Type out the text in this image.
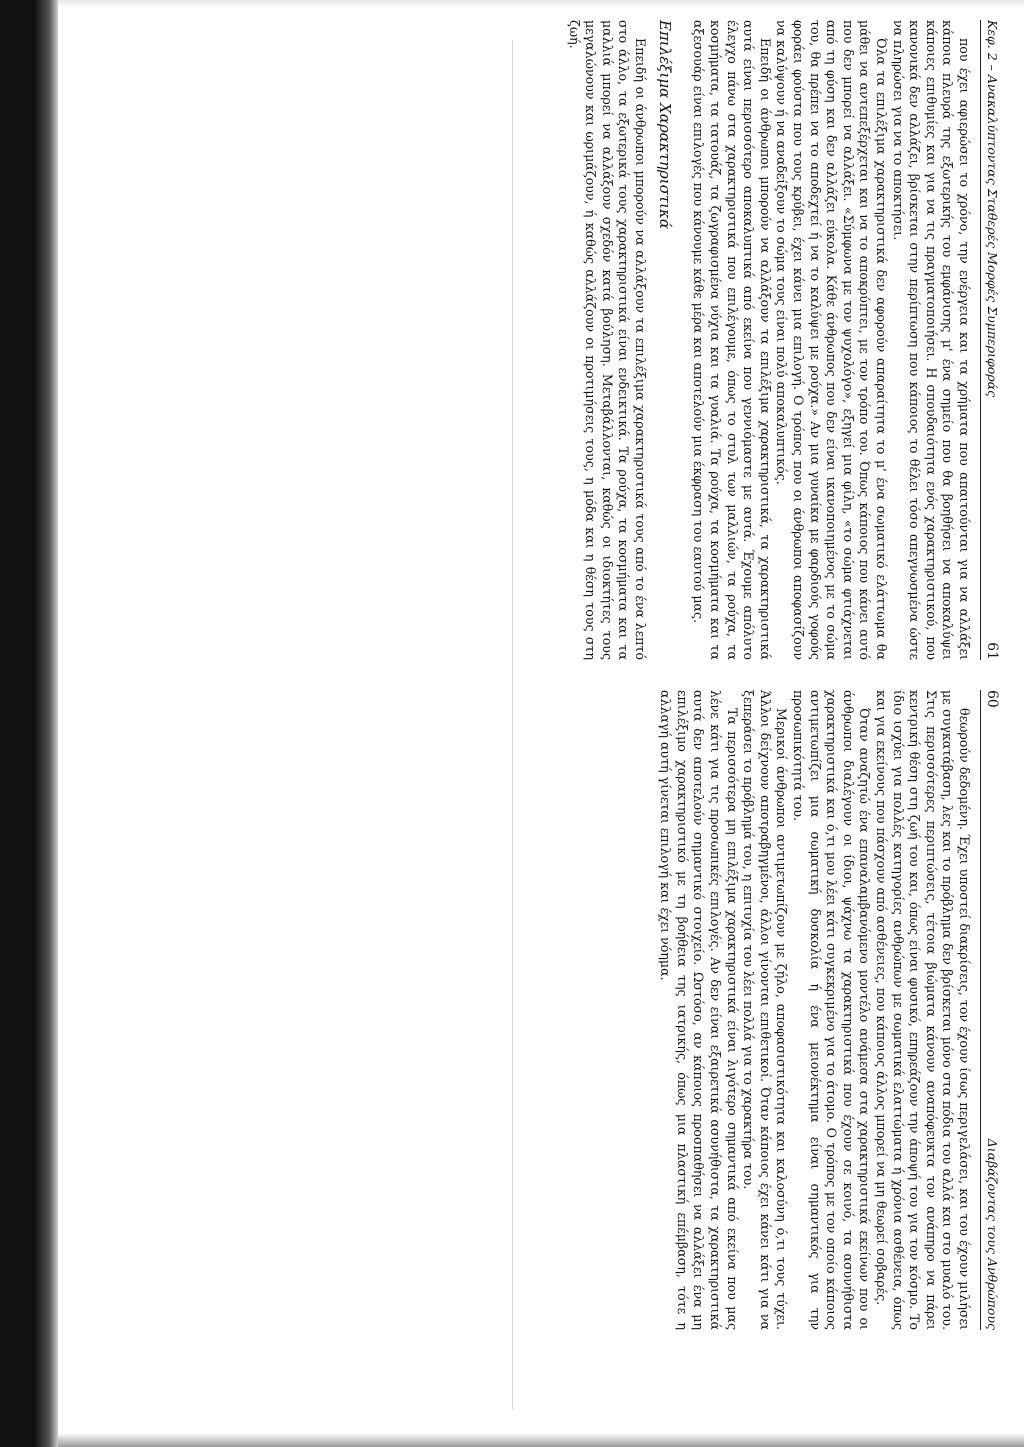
Κεφ. 2 – Ανακαλύπτοντας Σταθερές Μορφές Συμπεριφοράς
61

που έχει αφιερώσει το χρόνο, την ενέργεια και τα χρήματα που απαιτούνται για να αλλάξει κάποια πλευρά της εξωτερικής του εμφάνισης μ' ένα σημείο που θα βοηθήσει να αποκαλύψει κάποιες επιθυμίες και για να τις πραγματοποιήσει. Η σπουδαιότητα ενός χαρακτηριστικού, που κανονικά δεν αλλάζει, βρίσκεται στην περίπτωση που κάποιος το θέλει τόσο απεγνωσμένα ώστε να πληρώσει για να το αποκτήσει.

Όλα τα επιλέξιμα χαρακτηριστικά δεν αφορούν απαραίτητα το μ' ένα σωματικό ελάττωμα θα μάθει να αντεπεξέρχεται και να το αποκρύπτει, με τον τρόπο του. Όπως κάποιος που κάνει αυτό που δεν μπορεί να αλλάξει. «Σύμφωνα με τον ψυχολόγο», εξηγεί μια φίλη, «το σώμα φτιάχνεται από τη φύση και δεν αλλάζει εύκολα. Κάθε άνθρωπος που δεν είναι ικανοποιημένος με το σώμα του, θα πρέπει να το αποδεχτεί ή να το καλύψει με ρούχα.» Αν μια γυναίκα με φαρδιούς γοφούς φοράει φούστα που τους κρύβει, έχει κάνει μια επιλογή. Ο τρόπος που οι άνθρωποι αποφασίζουν να καλύψουν ή να αναδείξουν το σώμα τους είναι πολύ αποκαλυπτικός.

Επειδή οι άνθρωποι μπορούν να αλλάξουν τα επιλέξιμα χαρακτηριστικά, τα χαρακτηριστικά αυτά είναι περισσότερο αποκαλυπτικά από εκείνα που γεννιόμαστε με αυτά. Έχουμε απόλυτο έλεγχο πάνω στα χαρακτηριστικά που επιλέγουμε, όπως το στυλ των μαλλιών, τα ρούχα, τα κοσμήματα, τα τατουάζ, τα ζωγραφισμένα νύχια και τα γυαλιά. Τα ρούχα, τα κοσμήματα και τα αξεσουάρ είναι επιλογές που κάνουμε κάθε μέρα και αποτελούν μια έκφραση του εαυτού μας.

Επιλέξιμα Χαρακτηριστικά

Επειδή οι άνθρωποι μπορούν να αλλάξουν τα επιλέξιμα χαρακτηριστικά τους από το ένα λεπτό στο άλλο, τα εξωτερικά τους χαρακτηριστικά είναι ενδεικτικά. Τα ρούχα, τα κοσμήματα και τα μαλλιά μπορεί να αλλάξουν σχεδόν κατά βούληση. Μεταβάλλονται, καθώς οι ιδιοκτήτες τους μεγαλώνουν και ωριμάζουν, ή καθώς αλλάζουν οι προτιμήσεις τους, η μόδα και η θέση τους στη ζωή.

60
Διαβάζοντας τους Ανθρώπους

θεωρούν δεδομένη. Έχει υποστεί διακρίσεις, τον έχουν ίσως περιγελάσει, και του έχουν μιλήσει με συγκατάβαση, λες και το πρόβλημα δεν βρίσκεται μόνο στα πόδια του αλλά και στο μυαλό του. Στις περισσότερες περιπτώσεις, τέτοια βιώματα κάνουν αναπόφευκτα τον ανάπηρο να πάρει κεντρική θέση στη ζωή του και, όπως είναι φυσικό, επηρεάζουν την άποψή του για τον κόσμο. Το ίδιο ισχύει για πολλές κατηγορίες ανθρώπων με σωματικά ελαττώματα ή χρόνια ασθένεια, όπως και για εκείνους που πάσχουν από ασθένειες, που κάποιος άλλος μπορεί να μη θεωρεί σοβαρές.

Όταν αναζητώ ένα επαναλαμβανόμενο μοντέλο ανάμεσα στα χαρακτηριστικά εκείνων που οι άνθρωποι διαλέγουν οι ίδιοι, ψάχνω τα χαρακτηριστικά που έχουν σε κοινό, τα ασυνήθιστα χαρακτηριστικά και ό,τι μου λέει κάτι συγκεκριμένο για το άτομο. Ο τρόπος με τον οποίο κάποιος αντιμετωπίζει μια σωματική δυσκολία ή ένα μειονέκτημα είναι σημαντικός για την προσωπικότητά του.

Μερικοί άνθρωποι αντιμετωπίζουν με ζήλο, αποφασιστικότητα και καλοσύνη ό,τι τους τύχει. Άλλοι δείχνουν αποτραβηγμένοι, άλλοι γίνονται επιθετικοί. Όταν κάποιος έχει κάνει κάτι για να ξεπεράσει το πρόβλημά του, η επιτυχία του λέει πολλά για το χαρακτήρα του.

Τα περισσότερα μη επιλέξιμα χαρακτηριστικά είναι λιγότερο σημαντικά από εκείνα που μας λένε κάτι για τις προσωπικές επιλογές. Αν δεν είναι εξαιρετικά ασυνήθιστα, τα χαρακτηριστικά αυτά δεν αποτελούν σημαντικό στοιχείο. Ωστόσο, αν κάποιος προσπαθήσει να αλλάξει ένα μη επιλέξιμο χαρακτηριστικό με τη βοήθεια της ιατρικής, όπως μια πλαστική επέμβαση, τότε η αλλαγή αυτή γίνεται επιλογή και έχει νόημα.
